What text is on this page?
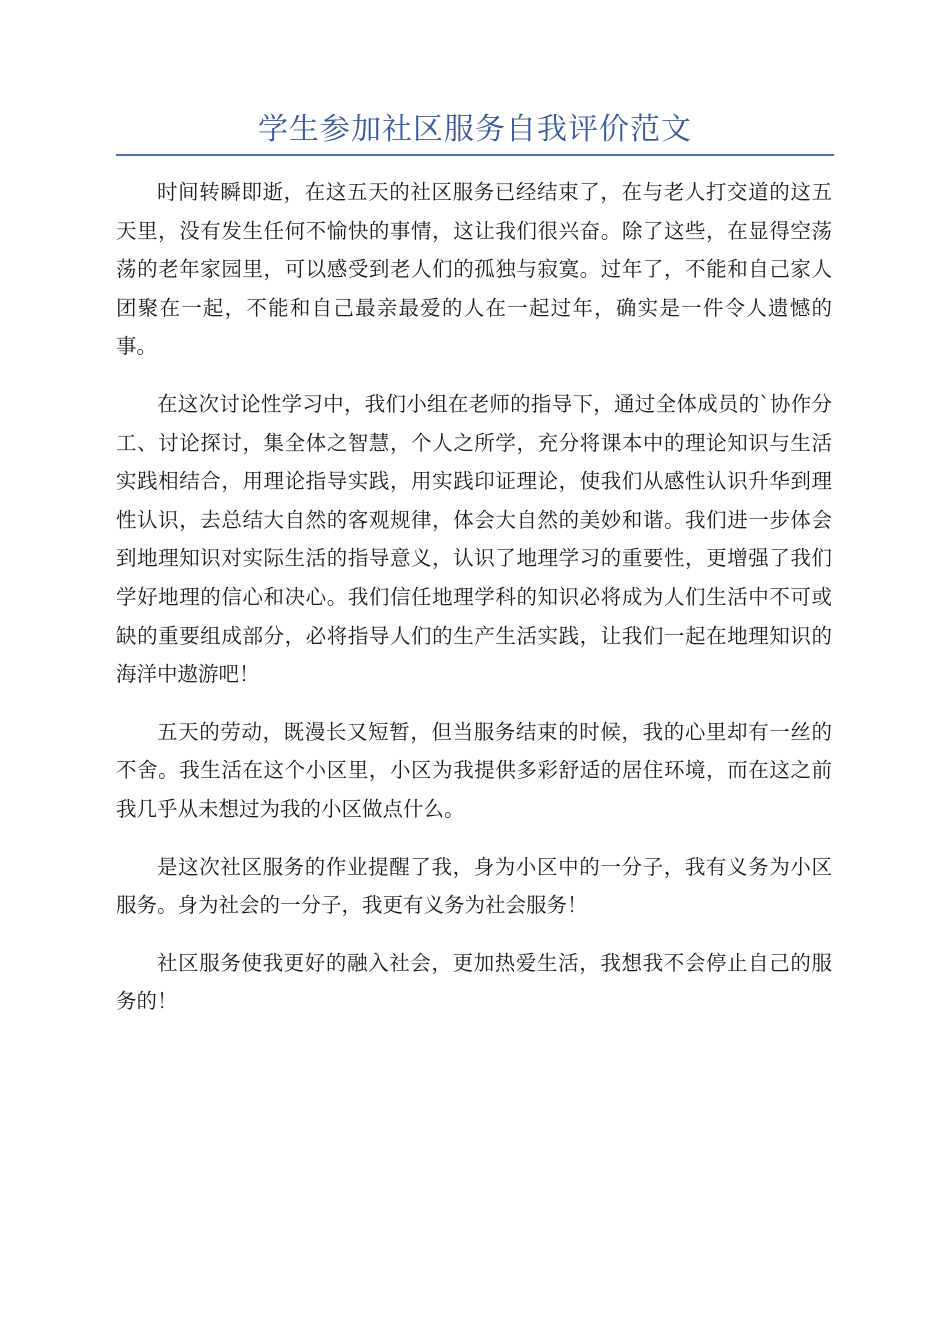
学生参加社区服务自我评价范文

时间转瞬即逝，在这五天的社区服务已经结束了，在与老人打交道的这五天里，没有发生任何不愉快的事情，这让我们很兴奋。除了这些，在显得空荡荡的老年家园里，可以感受到老人们的孤独与寂寞。过年了，不能和自己家人团聚在一起，不能和自己最亲最爱的人在一起过年，确实是一件令人遗憾的事。

在这次讨论性学习中，我们小组在老师的指导下，通过全体成员的`协作分工、讨论探讨，集全体之智慧，个人之所学，充分将课本中的理论知识与生活实践相结合，用理论指导实践，用实践印证理论，使我们从感性认识升华到理性认识，去总结大自然的客观规律，体会大自然的美妙和谐。我们进一步体会到地理知识对实际生活的指导意义，认识了地理学习的重要性，更增强了我们学好地理的信心和决心。我们信任地理学科的知识必将成为人们生活中不可或缺的重要组成部分，必将指导人们的生产生活实践，让我们一起在地理知识的海洋中遨游吧！

五天的劳动，既漫长又短暂，但当服务结束的时候，我的心里却有一丝的不舍。我生活在这个小区里，小区为我提供多彩舒适的居住环境，而在这之前我几乎从未想过为我的小区做点什么。

是这次社区服务的作业提醒了我，身为小区中的一分子，我有义务为小区服务。身为社会的一分子，我更有义务为社会服务！

社区服务使我更好的融入社会，更加热爱生活，我想我不会停止自己的服务的！
